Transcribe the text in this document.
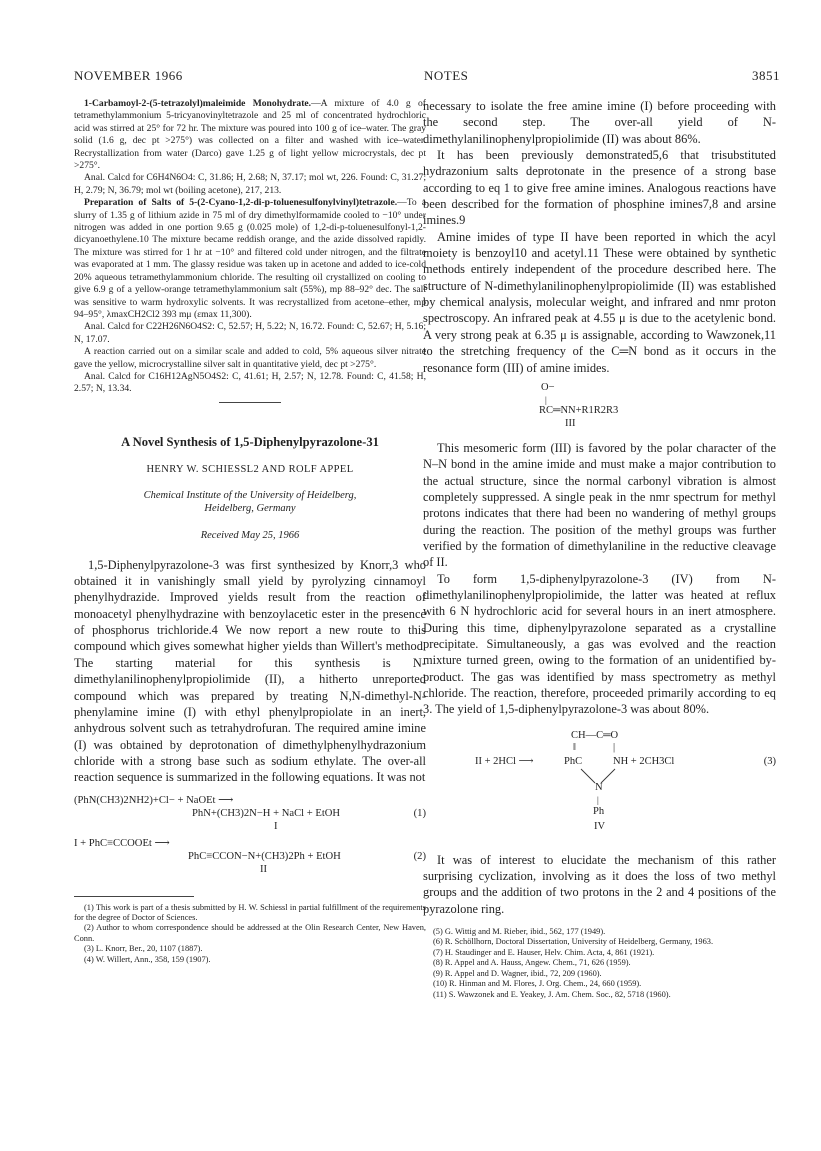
NOVEMBER 1966	NOTES	3851

1-Carbamoyl-2-(5-tetrazolyl)maleimide Monohydrate.—A mixture of 4.0 g of tetramethylammonium 5-tricyanovinyltetrazole and 25 ml of concentrated hydrochloric acid was stirred at 25° for 72 hr. The mixture was poured into 100 g of ice–water. The gray solid (1.6 g, dec pt >275°) was collected on a filter and washed with ice–water. Recrystallization from water (Darco) gave 1.25 g of light yellow microcrystals, dec pt >275°.

Anal. Calcd for C6H4N6O4: C, 31.86; H, 2.68; N, 37.17; mol wt, 226. Found: C, 31.27; H, 2.79; N, 36.79; mol wt (boiling acetone), 217, 213.

Preparation of Salts of 5-(2-Cyano-1,2-di-p-toluenesulfonylvinyl)tetrazole.—To a slurry of 1.35 g of lithium azide in 75 ml of dry dimethylformamide cooled to −10° under nitrogen was added in one portion 9.65 g (0.025 mole) of 1,2-di-p-toluenesulfonyl-1,2-dicyanoethylene.10 The mixture became reddish orange, and the azide dissolved rapidly. The mixture was stirred for 1 hr at −10° and filtered cold under nitrogen, and the filtrate was evaporated at 1 mm. The glassy residue was taken up in acetone and added to ice-cold 20% aqueous tetramethylammonium chloride. The resulting oil crystallized on cooling to give 6.9 g of a yellow-orange tetramethylammonium salt (55%), mp 88–92° dec. The salt was sensitive to warm hydroxylic solvents. It was recrystallized from acetone–ether, mp 94–95°, λmaxCH2Cl2 393 mμ (εmax 11,300).

Anal. Calcd for C22H26N6O4S2: C, 52.57; H, 5.22; N, 16.72. Found: C, 52.67; H, 5.16; N, 17.07.

A reaction carried out on a similar scale and added to cold, 5% aqueous silver nitrate gave the yellow, microcrystalline silver salt in quantitative yield, dec pt >275°.

Anal. Calcd for C16H12AgN5O4S2: C, 41.61; H, 2.57; N, 12.78. Found: C, 41.58; H, 2.57; N, 13.34.

A Novel Synthesis of 1,5-Diphenylpyrazolone-31
HENRY W. SCHIESSL2 AND ROLF APPEL
Chemical Institute of the University of Heidelberg,
Heidelberg, Germany
Received May 25, 1966

1,5-Diphenylpyrazolone-3 was first synthesized by Knorr,3 who obtained it in vanishingly small yield by pyrolyzing cinnamoyl phenylhydrazide. Improved yields result from the reaction of monoacetyl phenylhydrazine with benzoylacetic ester in the presence of phosphorus trichloride.4 We now report a new route to this compound which gives somewhat higher yields than Willert's method. The starting material for this synthesis is N-dimethylanilinophenylpropiolimide (II), a hitherto unreported compound which was prepared by treating N,N-dimethyl-N-phenylamine imine (I) with ethyl phenylpropiolate in an inert, anhydrous solvent such as tetrahydrofuran. The required amine imine (I) was obtained by deprotonation of dimethylphenylhydrazonium chloride with a strong base such as sodium ethylate. The over-all reaction sequence is summarized in the following equations. It was not

(PhN(CH3)2NH2)+Cl− + NaOEt ⟶
PhN+(CH3)2N−H + NaCl + EtOH	(1)
I
I + PhC≡CCOOEt ⟶
PhC≡CCON−N+(CH3)2Ph + EtOH	(2)
II

(1) This work is part of a thesis submitted by H. W. Schiessl in partial fulfillment of the requirements for the degree of Doctor of Sciences.

(2) Author to whom correspondence should be addressed at the Olin Research Center, New Haven, Conn.

(3) L. Knorr, Ber., 20, 1107 (1887).

(4) W. Willert, Ann., 358, 159 (1907).

necessary to isolate the free amine imine (I) before proceeding with the second step. The over-all yield of N-dimethylanilinophenylpropiolimide (II) was about 86%.

It has been previously demonstrated5,6 that trisubstituted hydrazonium salts deprotonate in the presence of a strong base according to eq 1 to give free amine imines. Analogous reactions have been described for the formation of phosphine imines7,8 and arsine imines.9

Amine imides of type II have been reported in which the acyl moiety is benzoyl10 and acetyl.11 These were obtained by synthetic methods entirely independent of the procedure described here. The structure of N-dimethylanilinophenylpropiolimide (II) was established by chemical analysis, molecular weight, and infrared and nmr proton spectroscopy. An infrared peak at 4.55 μ is due to the acetylenic bond. A very strong peak at 6.35 μ is assignable, according to Wawzonek,11 to the stretching frequency of the C═N bond as it occurs in the resonance form (III) of amine imides.

O−
|
RC═NN+R1R2R3
III

This mesomeric form (III) is favored by the polar character of the N–N bond in the amine imide and must make a major contribution to the actual structure, since the normal carbonyl vibration is almost completely suppressed. A single peak in the nmr spectrum for methyl protons indicates that there had been no wandering of methyl groups during the reaction. The position of the methyl groups was further verified by the formation of dimethylaniline in the reductive cleavage of II.

To form 1,5-diphenylpyrazolone-3 (IV) from N-dimethylanilinophenylpropiolimide, the latter was heated at reflux with 6 N hydrochloric acid for several hours in an inert atmosphere. During this time, diphenylpyrazolone separated as a crystalline precipitate. Simultaneously, a gas was evolved and the reaction mixture turned green, owing to the formation of an unidentified by-product. The gas was identified by mass spectrometry as methyl chloride. The reaction, therefore, proceeded primarily according to eq 3. The yield of 1,5-diphenylpyrazolone-3 was about 80%.

CH—C═O
‖	|
II + 2HCl ⟶	PhC	NH + 2CH3Cl	(3)
N
|
Ph
IV

It was of interest to elucidate the mechanism of this rather surprising cyclization, involving as it does the loss of two methyl groups and the addition of two protons in the 2 and 4 positions of the pyrazolone ring.

(5) G. Wittig and M. Rieber, ibid., 562, 177 (1949).

(6) R. Schöllhorn, Doctoral Dissertation, University of Heidelberg, Germany, 1963.

(7) H. Staudinger and E. Hauser, Helv. Chim. Acta, 4, 861 (1921).

(8) R. Appel and A. Hauss, Angew. Chem., 71, 626 (1959).

(9) R. Appel and D. Wagner, ibid., 72, 209 (1960).

(10) R. Hinman and M. Flores, J. Org. Chem., 24, 660 (1959).

(11) S. Wawzonek and E. Yeakey, J. Am. Chem. Soc., 82, 5718 (1960).
